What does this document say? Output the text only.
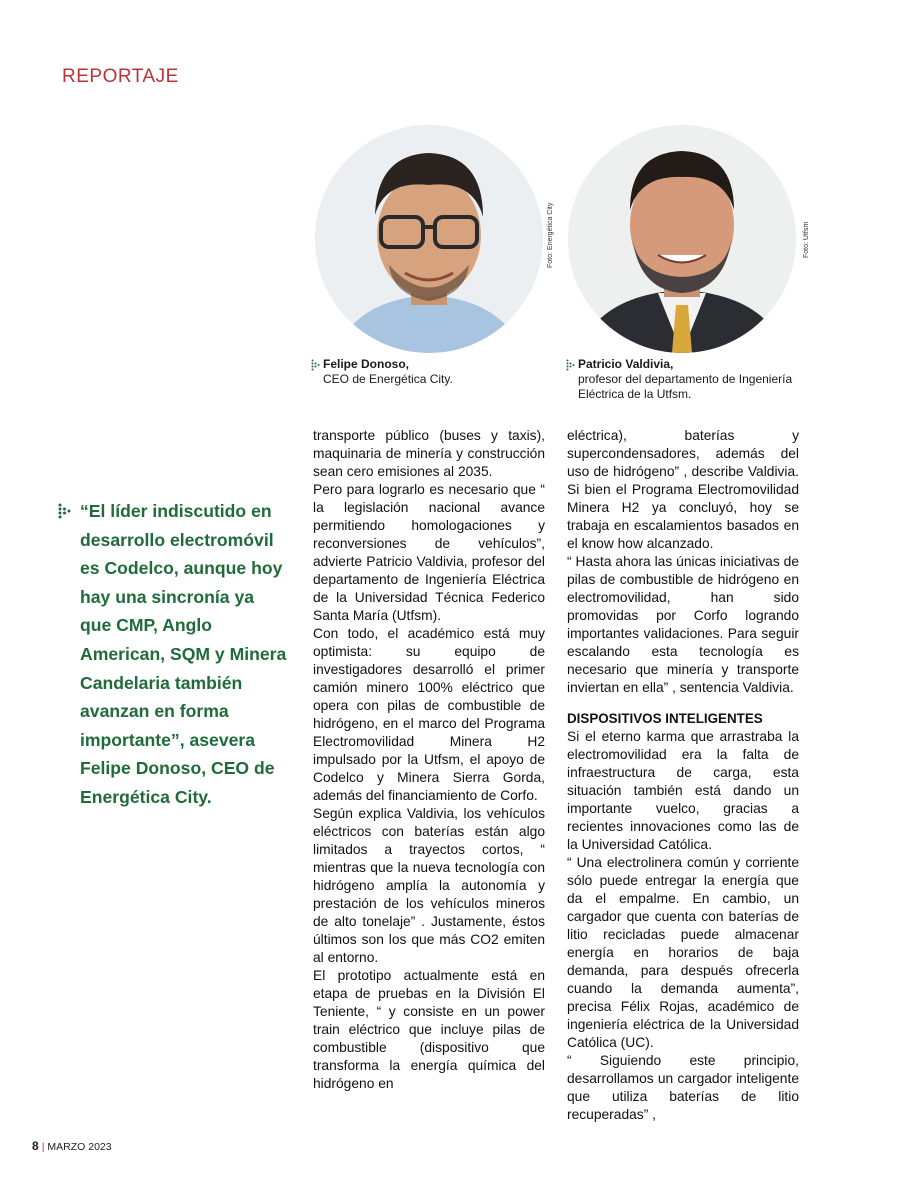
REPORTAJE
Foto: Energética City	Foto: Utfsm
Felipe Donoso,
CEO de Energética City.
Patricio Valdivia,
profesor del departamento de Ingeniería Eléctrica de la Utfsm.
“El líder indiscutido en desarrollo electromóvil es Codelco, aunque hoy hay una sincronía ya que CMP, Anglo American, SQM y Minera Candelaria también avanzan en forma importante”, asevera Felipe Donoso, CEO de Energética City.

transporte público (buses y taxis), maquinaria de minería y construcción sean cero emisiones al 2035.

Pero para lograrlo es necesario que “ la legislación nacional avance permitiendo homologaciones y reconversiones de vehículos”, advierte Patricio Valdivia, profesor del departamento de Ingeniería Eléctrica de la Universidad Técnica Federico Santa María (Utfsm).

Con todo, el académico está muy optimista: su equipo de investigadores desarrolló el primer camión minero 100% eléctrico que opera con pilas de combustible de hidrógeno, en el marco del Programa Electromovilidad Minera H2 impulsado por la Utfsm, el apoyo de Codelco y Minera Sierra Gorda, además del financiamiento de Corfo.

Según explica Valdivia, los vehículos eléctricos con baterías están algo limitados a trayectos cortos, “ mientras que la nueva tecnología con hidrógeno amplía la autonomía y prestación de los vehículos mineros de alto tonelaje” . Justamente, éstos últimos son los que más CO2 emiten al entorno.

El prototipo actualmente está en etapa de pruebas en la División El Teniente, “ y consiste en un power train eléctrico que incluye pilas de combustible (dispositivo que transforma la energía química del hidrógeno en

eléctrica), baterías y supercondensadores, además del uso de hidrógeno” , describe Valdivia. Si bien el Programa Electromovilidad Minera H2 ya concluyó, hoy se trabaja en escalamientos basados en el know how alcanzado.

“ Hasta ahora las únicas iniciativas de pilas de combustible de hidrógeno en electromovilidad, han sido promovidas por Corfo logrando importantes validaciones. Para seguir escalando esta tecnología es necesario que minería y transporte inviertan en ella” , sentencia Valdivia.

DISPOSITIVOS INTELIGENTES

Si el eterno karma que arrastraba la electromovilidad era la falta de infraestructura de carga, esta situación también está dando un importante vuelco, gracias a recientes innovaciones como las de la Universidad Católica.

“ Una electrolinera común y corriente sólo puede entregar la energía que da el empalme. En cambio, un cargador que cuenta con baterías de litio recicladas puede almacenar energía en horarios de baja demanda, para después ofrecerla cuando la demanda aumenta”, precisa Félix Rojas, académico de ingeniería eléctrica de la Universidad Católica (UC).

“ Siguiendo este principio, desarrollamos un cargador inteligente que utiliza baterías de litio recuperadas” ,

8 | MARZO 2023
